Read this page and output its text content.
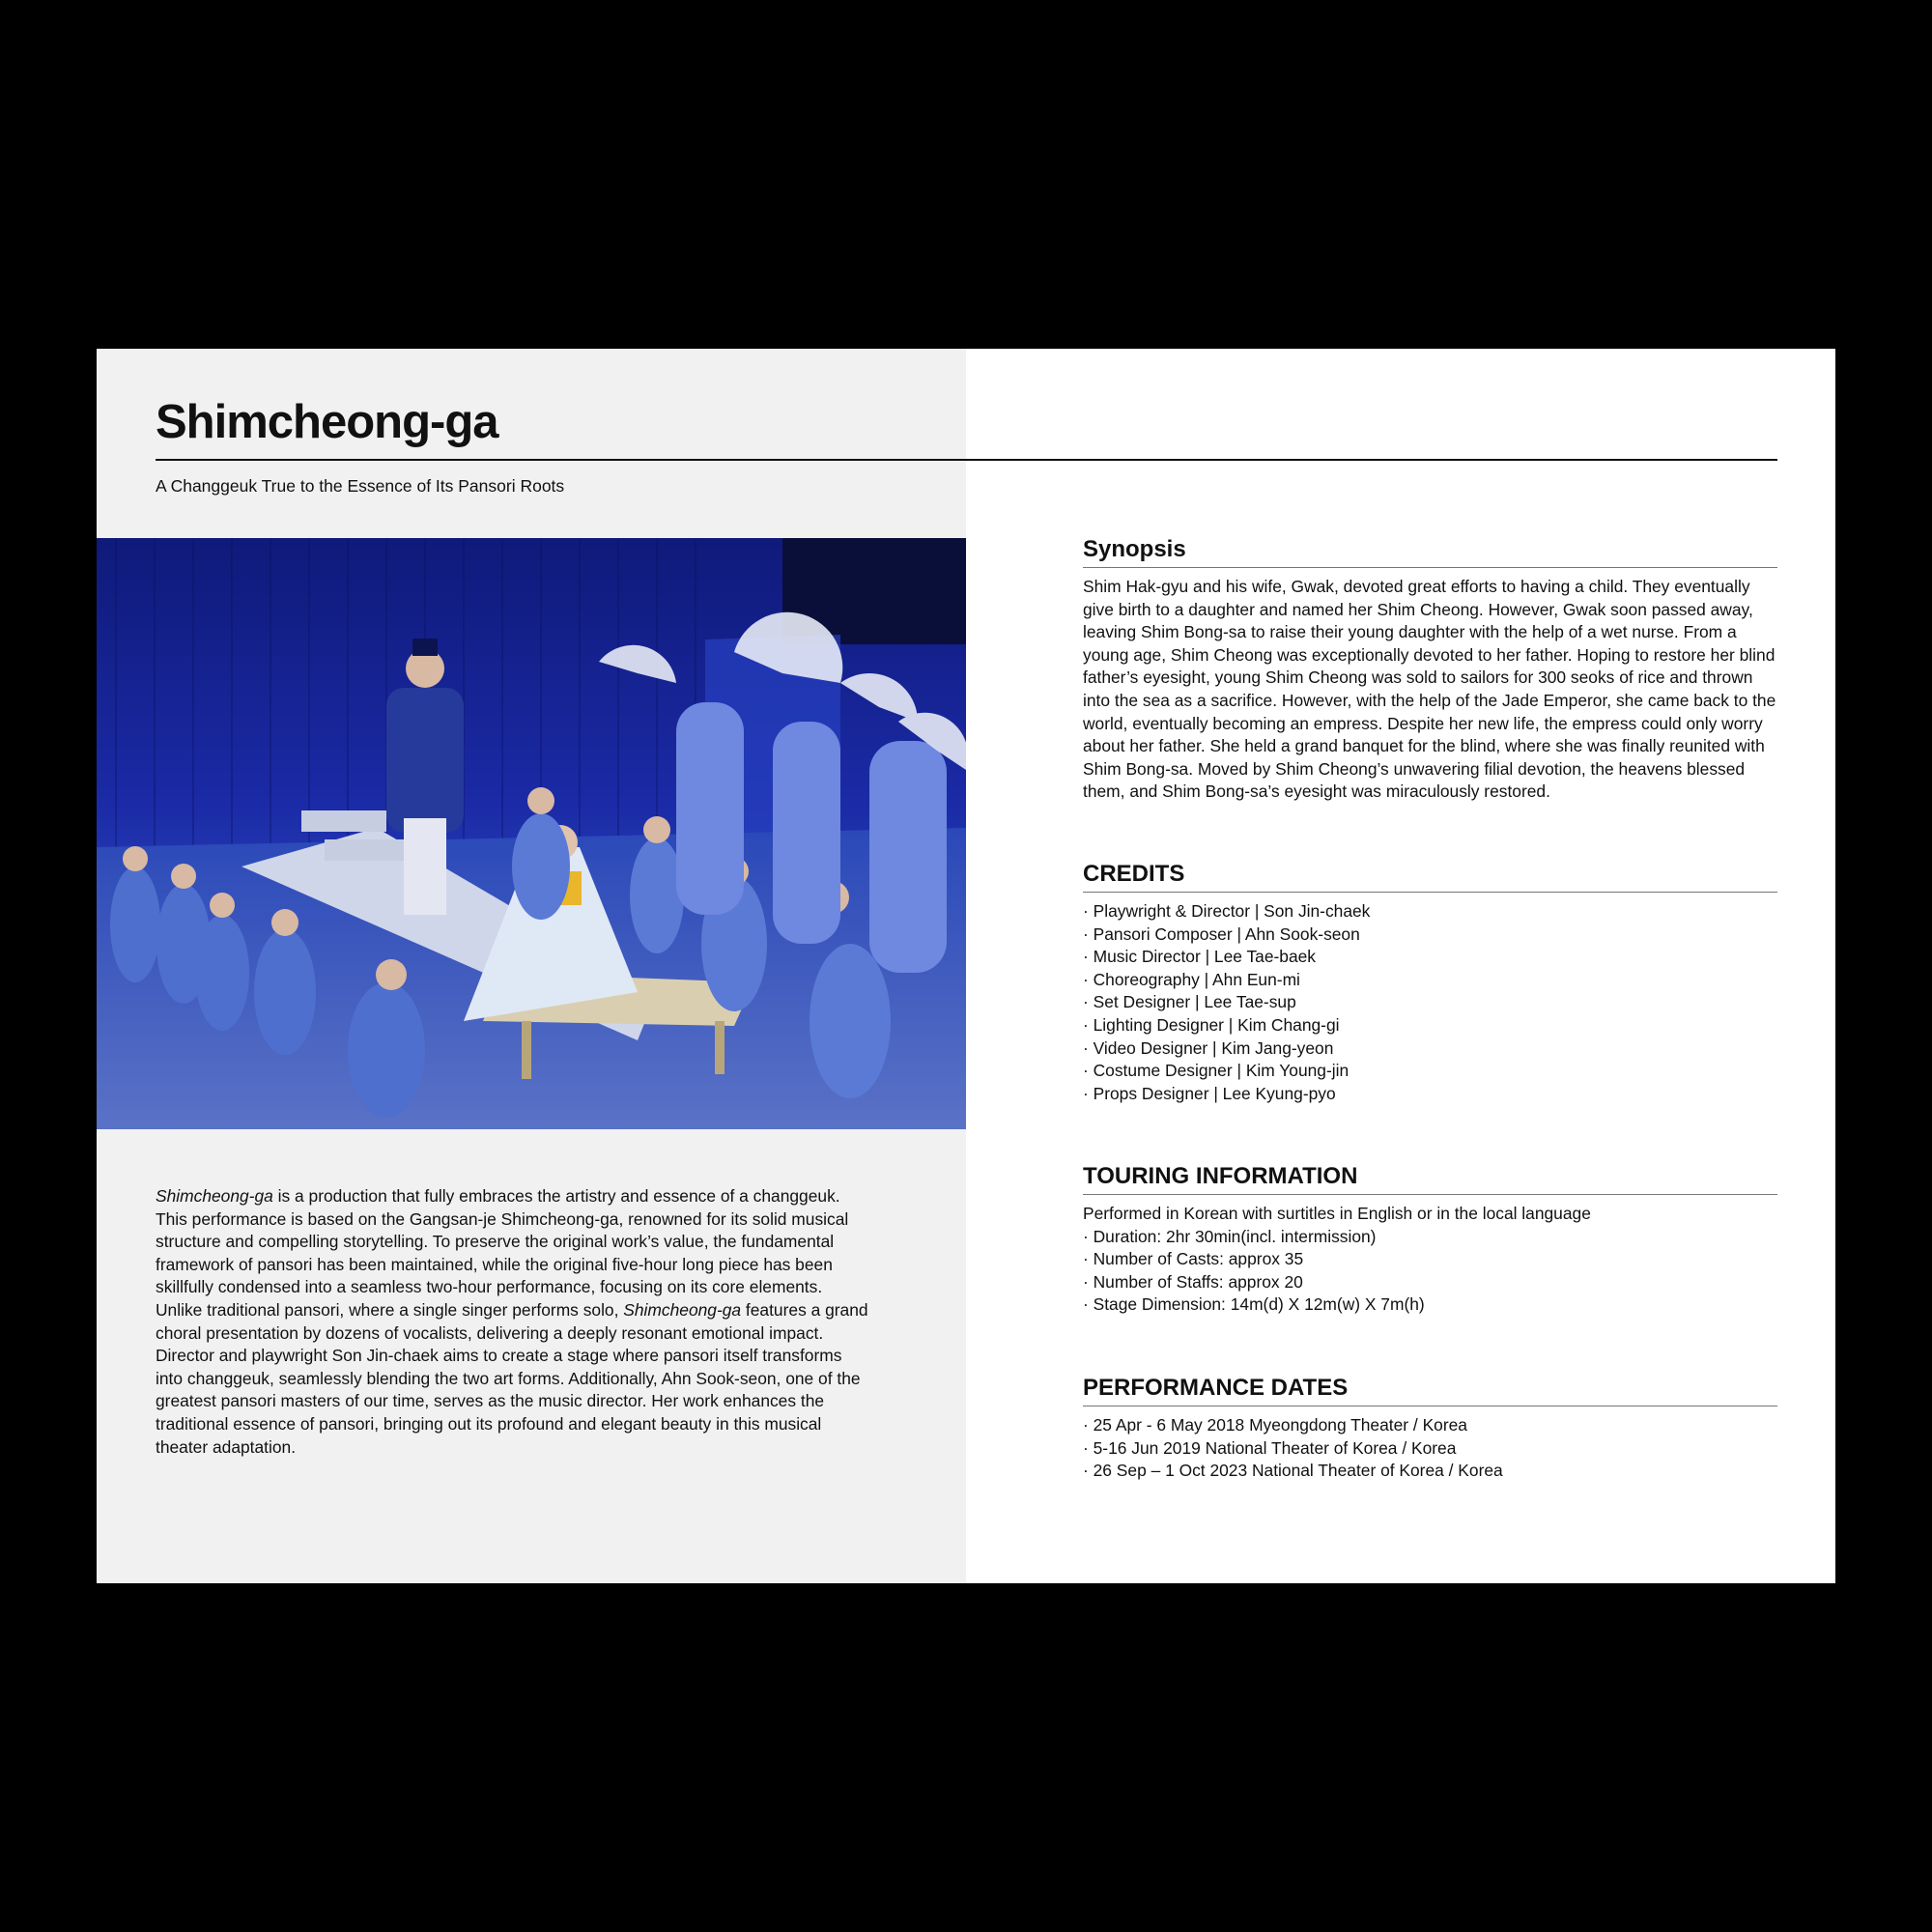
Shimcheong-ga

A Changgeuk True to the Essence of Its Pansori Roots

Shimcheong-ga is a production that fully embraces the artistry and essence of a changgeuk. This performance is based on the Gangsan-je Shimcheong-ga, renowned for its solid musical structure and compelling storytelling. To preserve the original work’s value, the fundamental framework of pansori has been maintained, while the original five-hour long piece has been skillfully condensed into a seamless two-hour performance, focusing on its core elements. Unlike traditional pansori, where a single singer performs solo, Shimcheong-ga features a grand choral presentation by dozens of vocalists, delivering a deeply resonant emotional impact. Director and playwright Son Jin-chaek aims to create a stage where pansori itself transforms into changgeuk, seamlessly blending the two art forms. Additionally, Ahn Sook-seon, one of the greatest pansori masters of our time, serves as the music director. Her work enhances the traditional essence of pansori, bringing out its profound and elegant beauty in this musical theater adaptation.

Synopsis

Shim Hak-gyu and his wife, Gwak, devoted great efforts to having a child. They eventually give birth to a daughter and named her Shim Cheong. However, Gwak soon passed away, leaving Shim Bong-sa to raise their young daughter with the help of a wet nurse. From a young age, Shim Cheong was exceptionally devoted to her father. Hoping to restore her blind father’s eyesight, young Shim Cheong was sold to sailors for 300 seoks of rice and thrown into the sea as a sacrifice. However, with the help of the Jade Emperor, she came back to the world, eventually becoming an empress. Despite her new life, the empress could only worry about her father. She held a grand banquet for the blind, where she was finally reunited with Shim Bong-sa. Moved by Shim Cheong’s unwavering filial devotion, the heavens blessed them, and Shim Bong-sa’s eyesight was miraculously restored.

CREDITS
· Playwright & Director | Son Jin-chaek
· Pansori Composer | Ahn Sook-seon
· Music Director | Lee Tae-baek
· Choreography | Ahn Eun-mi
· Set Designer | Lee Tae-sup
· Lighting Designer | Kim Chang-gi
· Video Designer | Kim Jang-yeon
· Costume Designer | Kim Young-jin
· Props Designer | Lee Kyung-pyo
TOURING INFORMATION

Performed in Korean with surtitles in English or in the local language

· Duration: 2hr 30min(incl. intermission)
· Number of Casts: approx 35
· Number of Staffs: approx 20
· Stage Dimension: 14m(d) X 12m(w) X 7m(h)
PERFORMANCE DATES
· 25 Apr - 6 May 2018 Myeongdong Theater / Korea
· 5-16 Jun 2019 National Theater of Korea / Korea
· 26 Sep – 1 Oct 2023 National Theater of Korea / Korea
